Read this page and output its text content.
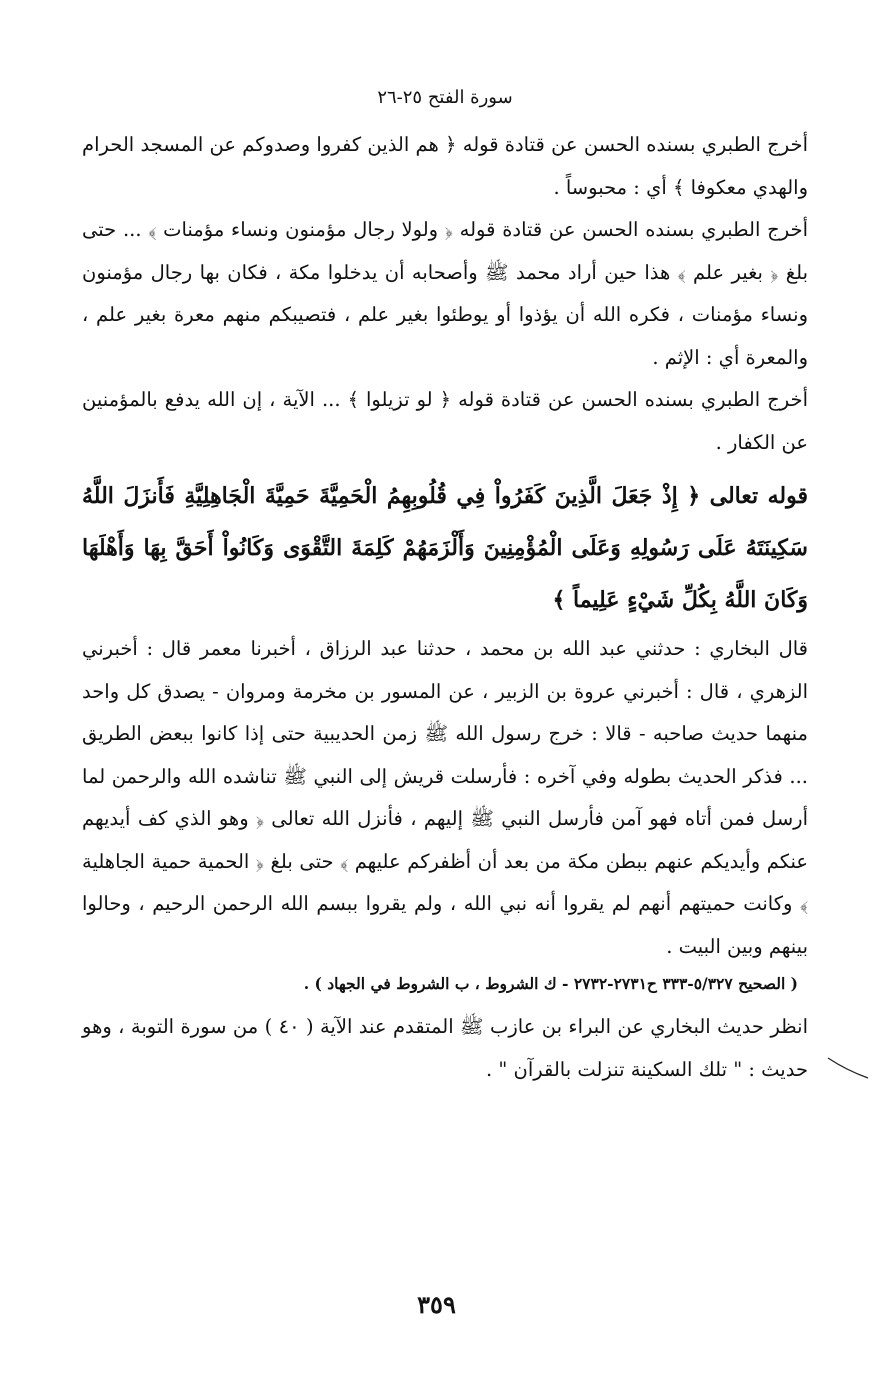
سورة الفتح ٢٥-٢٦

أخرج الطبري بسنده الحسن عن قتادة قوله ﴿ هم الذين كفروا وصدوكم عن المسجد الحرام والهدي معكوفا ﴾ أي : محبوساً .

أخرج الطبري بسنده الحسن عن قتادة قوله ﴿ ولولا رجال مؤمنون ونساء مؤمنات ﴾ ... حتى بلغ ﴿ بغير علم ﴾ هذا حين أراد محمد ﷺ وأصحابه أن يدخلوا مكة ، فكان بها رجال مؤمنون ونساء مؤمنات ، فكره الله أن يؤذوا أو يوطئوا بغير علم ، فتصيبكم منهم معرة بغير علم ، والمعرة أي : الإثم .

أخرج الطبري بسنده الحسن عن قتادة قوله ﴿ لو تزيلوا ﴾ ... الآية ، إن الله يدفع بالمؤمنين عن الكفار .

قوله تعالى ﴿ إِذْ جَعَلَ الَّذِينَ كَفَرُواْ فِي قُلُوبِهِمُ الْحَمِيَّةَ حَمِيَّةَ الْجَاهِلِيَّةِ فَأَنزَلَ اللَّهُ سَكِينَتَهُ عَلَى رَسُولِهِ وَعَلَى الْمُؤْمِنِينَ وَأَلْزَمَهُمْ كَلِمَةَ التَّقْوَى وَكَانُواْ أَحَقَّ بِهَا وَأَهْلَهَا وَكَانَ اللَّهُ بِكُلِّ شَيْءٍ عَلِيماً ﴾

قال البخاري : حدثني عبد الله بن محمد ، حدثنا عبد الرزاق ، أخبرنا معمر قال : أخبرني الزهري ، قال : أخبرني عروة بن الزبير ، عن المسور بن مخرمة ومروان - يصدق كل واحد منهما حديث صاحبه - قالا : خرج رسول الله ﷺ زمن الحديبية حتى إذا كانوا ببعض الطريق ... فذكر الحديث بطوله وفي آخره : فأرسلت قريش إلى النبي ﷺ تناشده الله والرحمن لما أرسل فمن أتاه فهو آمن فأرسل النبي ﷺ إليهم ، فأنزل الله تعالى ﴿ وهو الذي كف أيديهم عنكم وأيديكم عنهم ببطن مكة من بعد أن أظفركم عليهم ﴾ حتى بلغ ﴿ الحمية حمية الجاهلية ﴾ وكانت حميتهم أنهم لم يقروا أنه نبي الله ، ولم يقروا ببسم الله الرحمن الرحيم ، وحالوا بينهم وبين البيت .

( الصحيح ٥/٣٢٧-٣٣٣ ح٢٧٣١-٢٧٣٢ - ك الشروط ، ب الشروط في الجهاد ) .

انظر حديث البخاري عن البراء بن عازب ﷺ المتقدم عند الآية ( ٤٠ ) من سورة التوبة ، وهو حديث : " تلك السكينة تنزلت بالقرآن " .

٣٥٩
